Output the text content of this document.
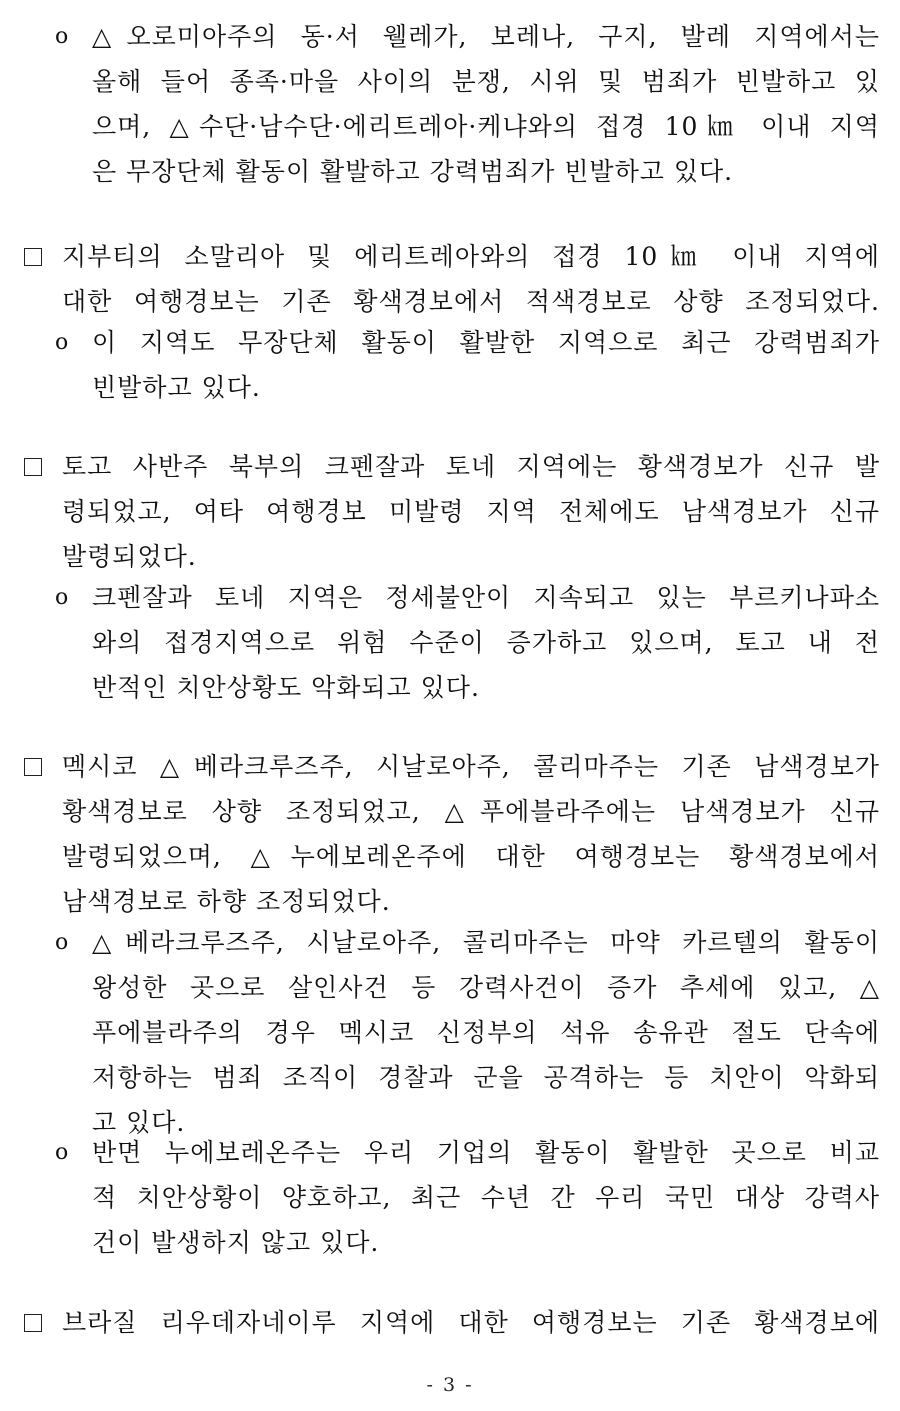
o △오로미아주의 동·서 웰레가, 보레나, 구지, 발레 지역에서는
올해 들어 종족·마을 사이의 분쟁, 시위 및 범죄가 빈발하고 있
으며, △수단·남수단·에리트레아·케냐와의 접경 10㎞ 이내 지역
은 무장단체 활동이 활발하고 강력범죄가 빈발하고 있다.
지부티의 소말리아 및 에리트레아와의 접경 10㎞ 이내 지역에
대한 여행경보는 기존 황색경보에서 적색경보로 상향 조정되었다.
o 이 지역도 무장단체 활동이 활발한 지역으로 최근 강력범죄가
빈발하고 있다.
토고 사반주 북부의 크펜잘과 토네 지역에는 황색경보가 신규 발
령되었고, 여타 여행경보 미발령 지역 전체에도 남색경보가 신규
발령되었다.
o 크펜잘과 토네 지역은 정세불안이 지속되고 있는 부르키나파소
와의 접경지역으로 위험 수준이 증가하고 있으며, 토고 내 전
반적인 치안상황도 악화되고 있다.
멕시코 △베라크루즈주, 시날로아주, 콜리마주는 기존 남색경보가
황색경보로 상향 조정되었고, △푸에블라주에는 남색경보가 신규
발령되었으며, △누에보레온주에 대한 여행경보는 황색경보에서
남색경보로 하향 조정되었다.
o △베라크루즈주, 시날로아주, 콜리마주는 마약 카르텔의 활동이
왕성한 곳으로 살인사건 등 강력사건이 증가 추세에 있고, △
푸에블라주의 경우 멕시코 신정부의 석유 송유관 절도 단속에
저항하는 범죄 조직이 경찰과 군을 공격하는 등 치안이 악화되
고 있다.
o 반면 누에보레온주는 우리 기업의 활동이 활발한 곳으로 비교
적 치안상황이 양호하고, 최근 수년 간 우리 국민 대상 강력사
건이 발생하지 않고 있다.
브라질 리우데자네이루 지역에 대한 여행경보는 기존 황색경보에
- 3 -
